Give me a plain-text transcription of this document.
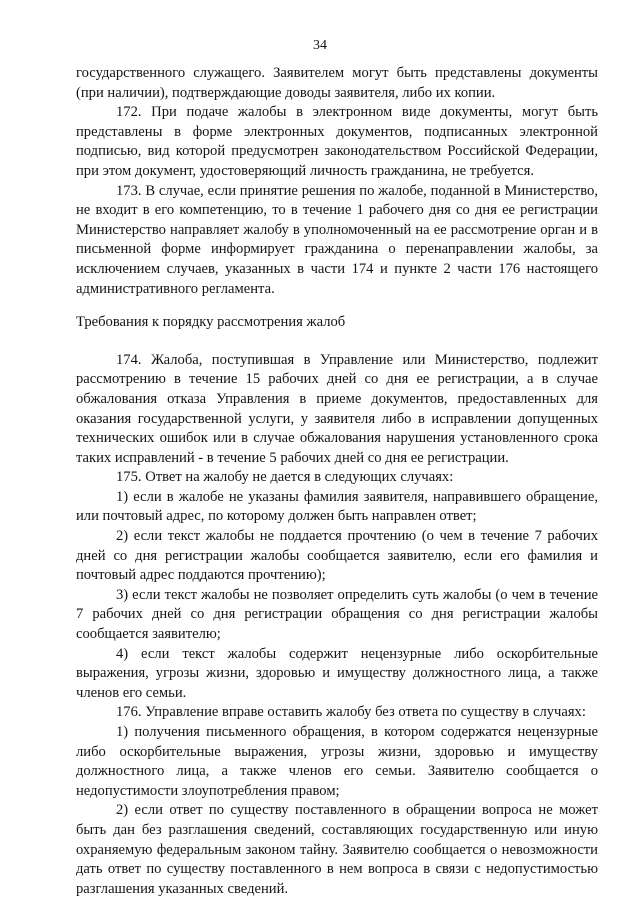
34

государственного служащего. Заявителем могут быть представлены документы (при наличии), подтверждающие доводы заявителя, либо их копии.

172. При подаче жалобы в электронном виде документы, могут быть представлены в форме электронных документов, подписанных электронной подписью, вид которой предусмотрен законодательством Российской Федерации, при этом документ, удостоверяющий личность гражданина, не требуется.

173. В случае, если принятие решения по жалобе, поданной в Министерство, не входит в его компетенцию, то в течение 1 рабочего дня со дня ее регистрации Министерство направляет жалобу в уполномоченный на ее рассмотрение орган и в письменной форме информирует гражданина о перенаправлении жалобы, за исключением случаев, указанных в части 174 и пункте 2 части 176 настоящего административного регламента.

Требования к порядку рассмотрения жалоб

174. Жалоба, поступившая в Управление или Министерство, подлежит рассмотрению в течение 15 рабочих дней со дня ее регистрации, а в случае обжалования отказа Управления в приеме документов, предоставленных для оказания государственной услуги, у заявителя либо в исправлении допущенных технических ошибок или в случае обжалования нарушения установленного срока таких исправлений - в течение 5 рабочих дней со дня ее регистрации.

175. Ответ на жалобу не дается в следующих случаях:

1) если в жалобе не указаны фамилия заявителя, направившего обращение, или почтовый адрес, по которому должен быть направлен ответ;

2) если текст жалобы не поддается прочтению (о чем в течение 7 рабочих дней со дня регистрации жалобы сообщается заявителю, если его фамилия и почтовый адрес поддаются прочтению);

3) если текст жалобы не позволяет определить суть жалобы (о чем в течение 7 рабочих дней со дня регистрации обращения со дня регистрации жалобы сообщается заявителю;

4) если текст жалобы содержит нецензурные либо оскорбительные выражения, угрозы жизни, здоровью и имуществу должностного лица, а также членов его семьи.

176. Управление вправе оставить жалобу без ответа по существу в случаях:

1) получения письменного обращения, в котором содержатся нецензурные либо оскорбительные выражения, угрозы жизни, здоровью и имуществу должностного лица, а также членов его семьи. Заявителю сообщается о недопустимости злоупотребления правом;

2) если ответ по существу поставленного в обращении вопроса не может быть дан без разглашения сведений, составляющих государственную или иную охраняемую федеральным законом тайну. Заявителю сообщается о невозможности дать ответ по существу поставленного в нем вопроса в связи с недопустимостью разглашения указанных сведений.
